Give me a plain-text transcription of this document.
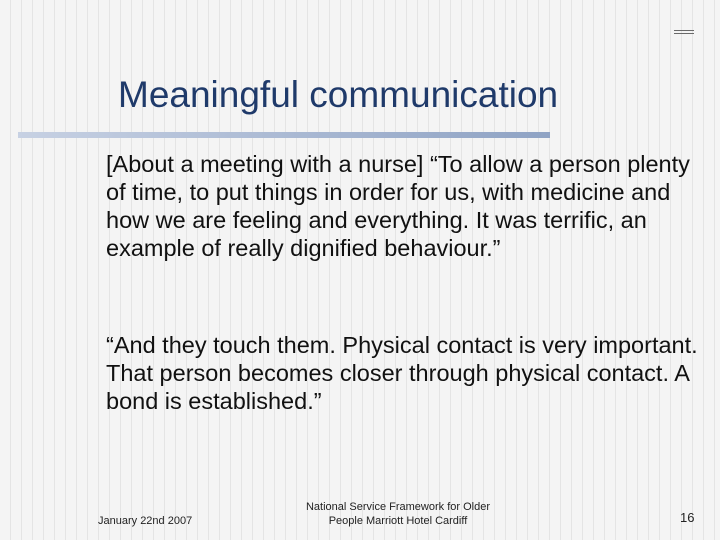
Meaningful communication
[About a meeting with a nurse] “To allow a person plenty of time, to put things in order for us, with medicine and how we are feeling and everything. It was terrific, an example of really dignified behaviour.”
“And they touch them. Physical contact is very important. That person becomes closer through physical contact. A bond is established.”
January 22nd 2007
National Service Framework for Older
People Marriott Hotel Cardiff	16
